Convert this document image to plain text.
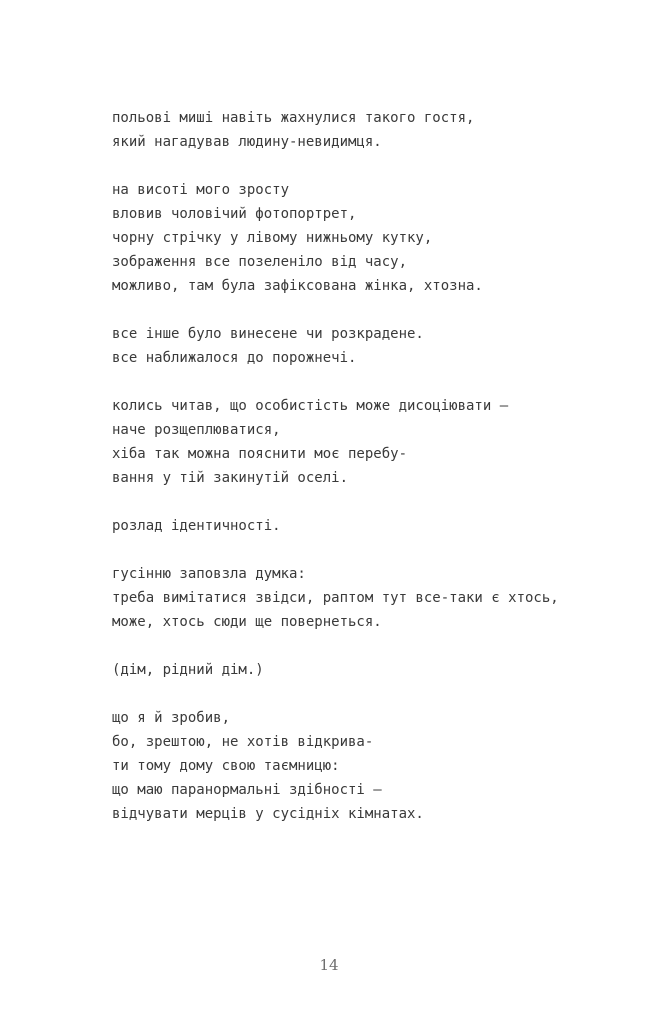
польові миші навіть жахнулися такого гостя,
який нагадував людину-невидимця.
на висоті мого зросту
вловив чоловічий фотопортрет,
чорну стрічку у лівому нижньому кутку,
зображення все позеленіло від часу,
можливо, там була зафіксована жінка, хтозна.
все інше було винесене чи розкрадене.
все наближалося до порожнечі.
колись читав, що особистість може дисоціювати –
наче розщеплюватися,
хіба так можна пояснити моє перебу-
вання у тій закинутій оселі.
розлад ідентичності.
гусінню заповзла думка:
треба вимітатися звідси, раптом тут все-таки є хтось,
може, хтось сюди ще повернеться.
(дім, рідний дім.)
що я й зробив,
бо, зрештою, не хотів відкрива-
ти тому дому свою таємницю:
що маю паранормальні здібності –
відчувати мерців у сусідніх кімнатах.
14
